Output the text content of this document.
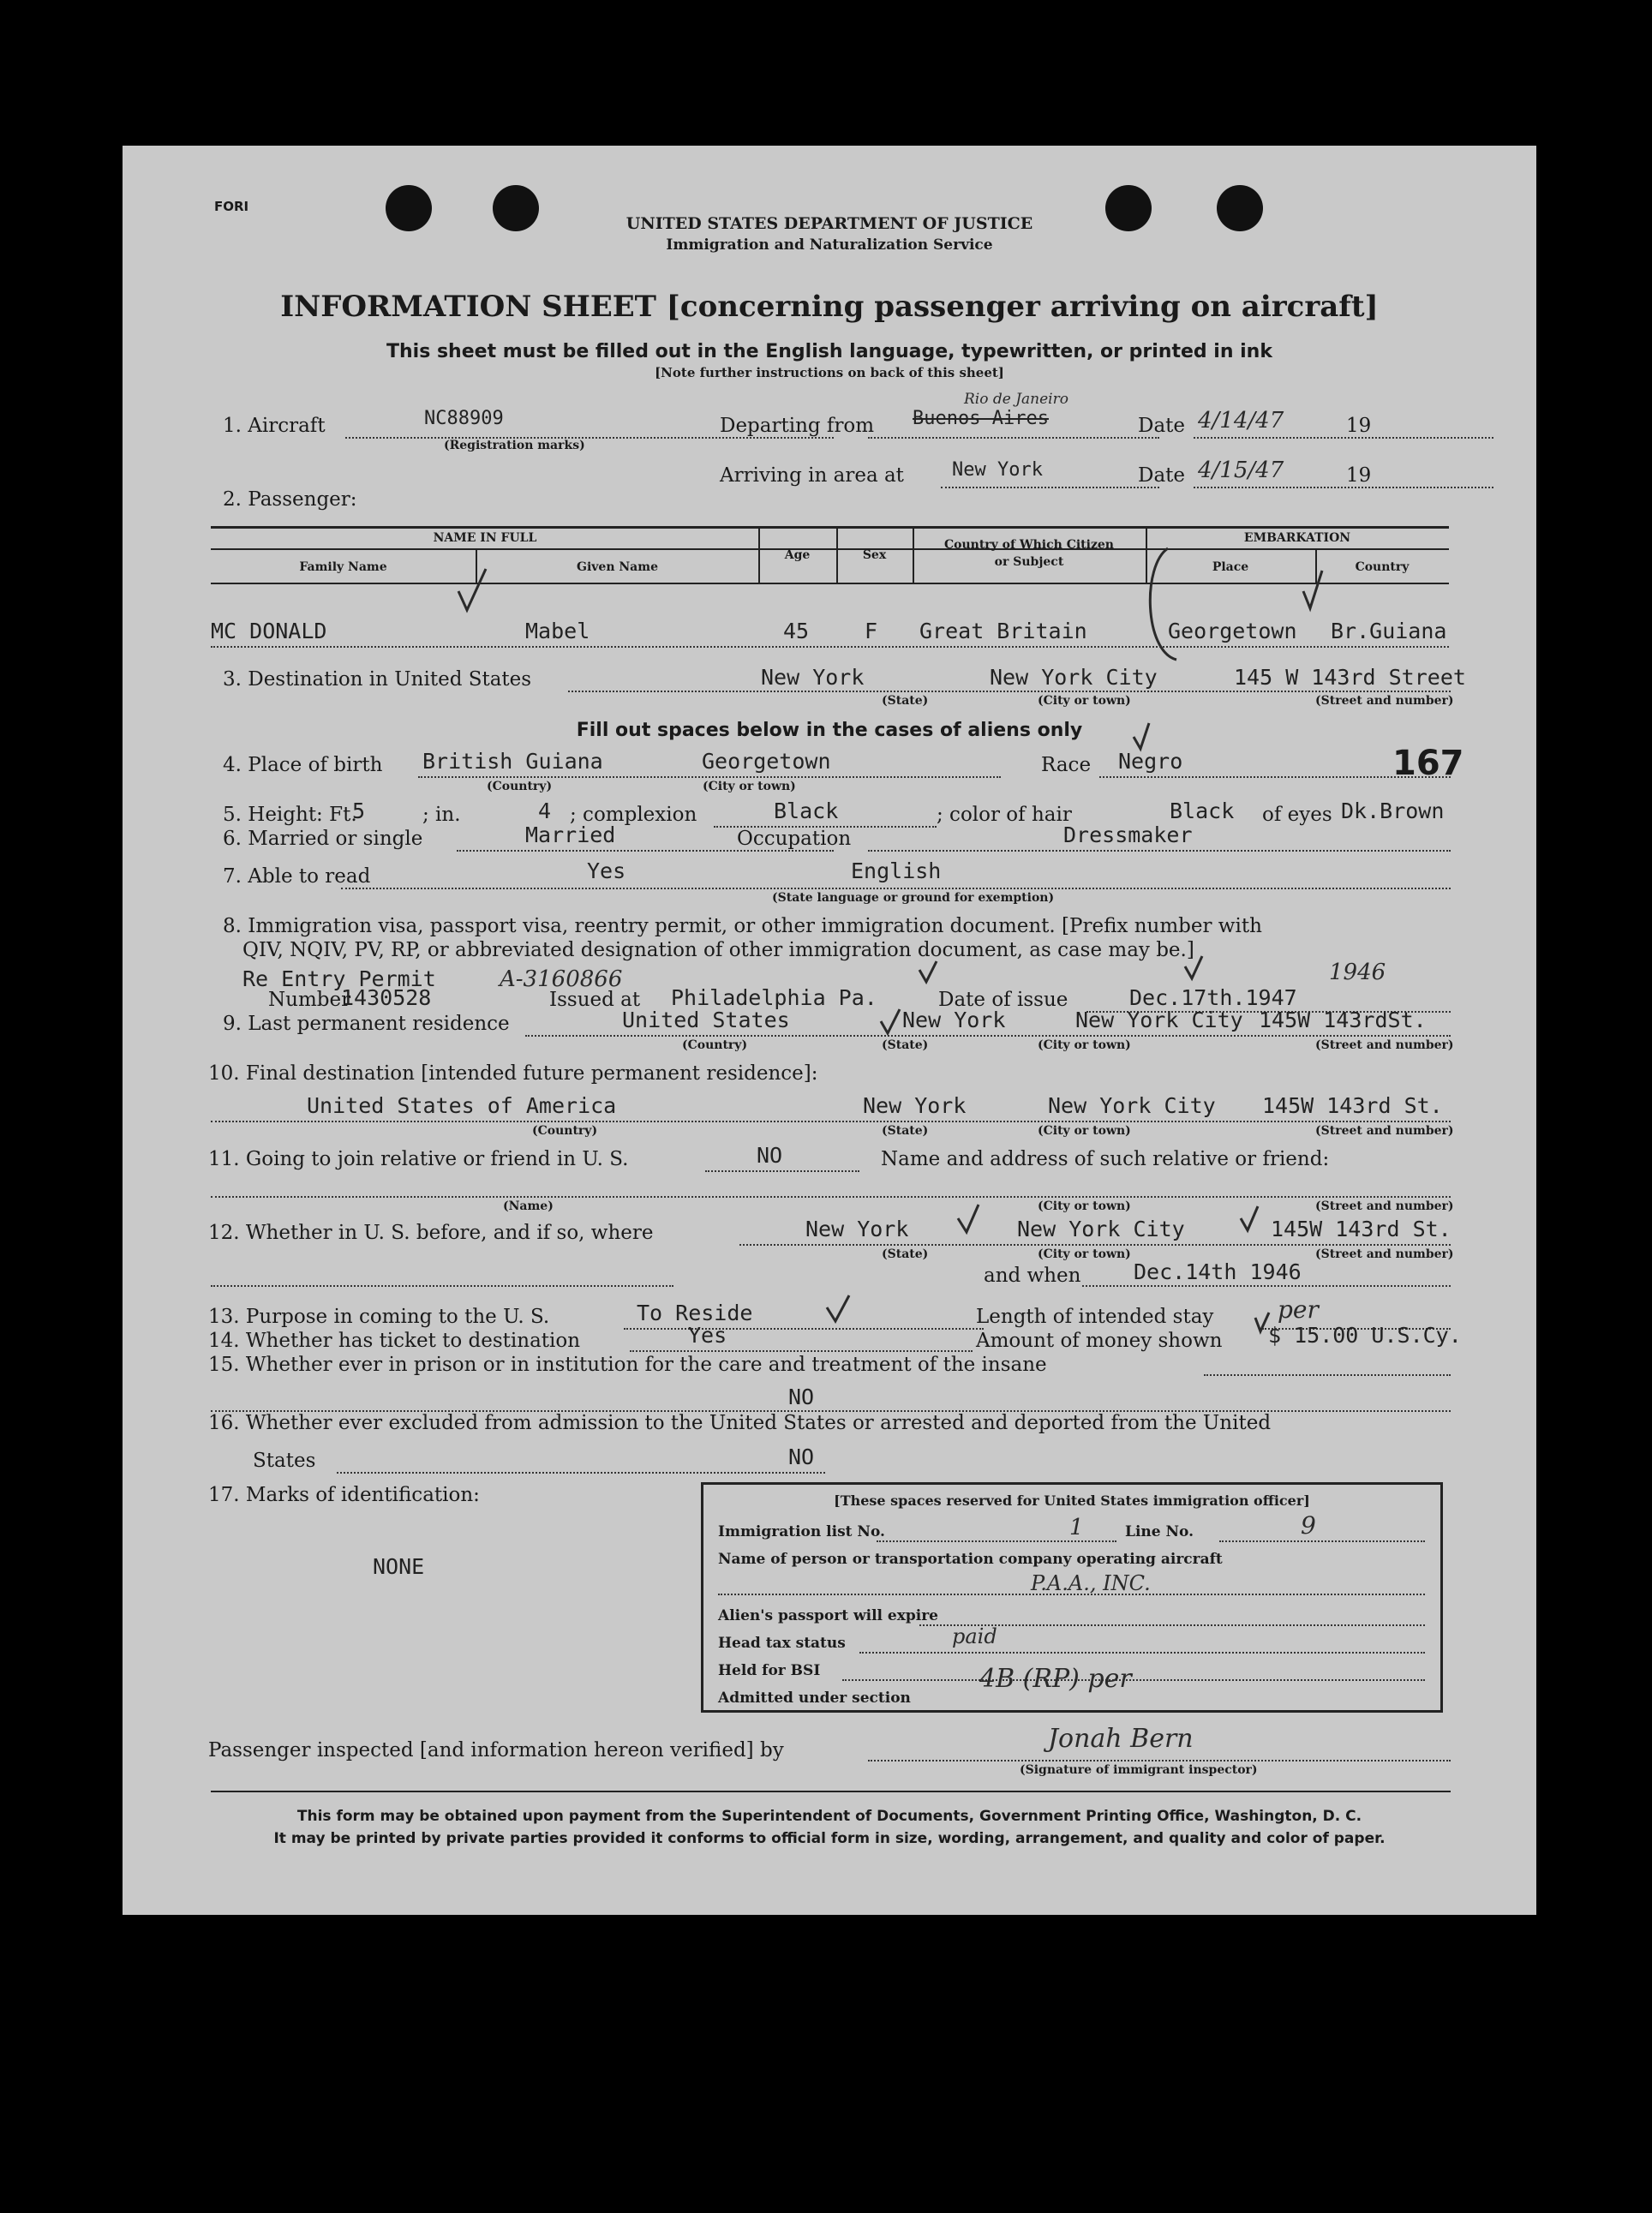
FORI
UNITED STATES DEPARTMENT OF JUSTICE
Immigration and Naturalization Service
INFORMATION SHEET [concerning passenger arriving on aircraft]
This sheet must be filled out in the English language, typewritten, or printed in ink
[Note further instructions on back of this sheet]
1. Aircraft	NC88909
(Registration marks)
Departing from Buenos Aires
Rio de Janeiro
Date 4/14/47	19
Arriving in area at	New York	Date 4/15/47	19
2. Passenger:
NAME IN FULL
Family Name	Given Name
Age	Sex
Country of Which Citizen
or Subject
EMBARKATION
Place	Country
MC DONALD	Mabel	45	F Great Britain	Georgetown Br.Guiana
3. Destination in United States	New York	New York City	145 W 143rd Street
(State)	(City or town)	(Street and number)
Fill out spaces below in the cases of aliens only
4. Place of birth British Guiana	Georgetown
(Country)	(City or town)
Race Negro	167
5. Height: Ft.
5	; in.	4 ; complexion	Black	; color of hair	Black of eyes Dk.Brown
6. Married or single	Married	Occupation	Dressmaker
7. Able to read	Yes	English
(State language or ground for exemption)
8. Immigration visa, passport visa, reentry permit, or other immigration document. [Prefix number with
QIV, NQIV, PV, RP, or abbreviated designation of other immigration document, as case may be.]
Re Entry Permit
Number
1430528
A-3160866
Issued at Philadelphia Pa.	Date of issue	Dec.17th.1947
1946
9. Last permanent residence	United States	New York	New York City 145W 143rdSt.
(Country)	(State)	(City or town)	(Street and number)
10. Final destination [intended future permanent residence]:
United States of America	New York	New York City 145W 143rd St.
(Country)	(State)	(City or town)	(Street and number)
11. Going to join relative or friend in U. S.	NO	Name and address of such relative or friend:
(Name)	(City or town)	(Street and number)
12. Whether in U. S. before, and if so, where	New York	New York City	145W 143rd St.
(State)	(City or town)	(Street and number)
and when Dec.14th 1946
13. Purpose in coming to the U. S.	To Reside	Length of intended stay	per
14. Whether has ticket to destination	Yes	Amount of money shown $ 15.00 U.S.Cy.
15. Whether ever in prison or in institution for the care and treatment of the insane
NO
16. Whether ever excluded from admission to the United States or arrested and deported from the United
States	NO
17. Marks of identification:
NONE
[These spaces reserved for United States immigration officer]
Immigration list No.	1	Line No.	9
Name of person or transportation company operating aircraft
P.A.A., INC.
Alien's passport will expire
Head tax status	paid
Held for BSI
Admitted under section
4B (RP) per
Passenger inspected [and information hereon verified] by	Jonah Bern
(Signature of immigrant inspector)
This form may be obtained upon payment from the Superintendent of Documents, Government Printing Office, Washington, D. C.
It may be printed by private parties provided it conforms to official form in size, wording, arrangement, and quality and color of paper.
